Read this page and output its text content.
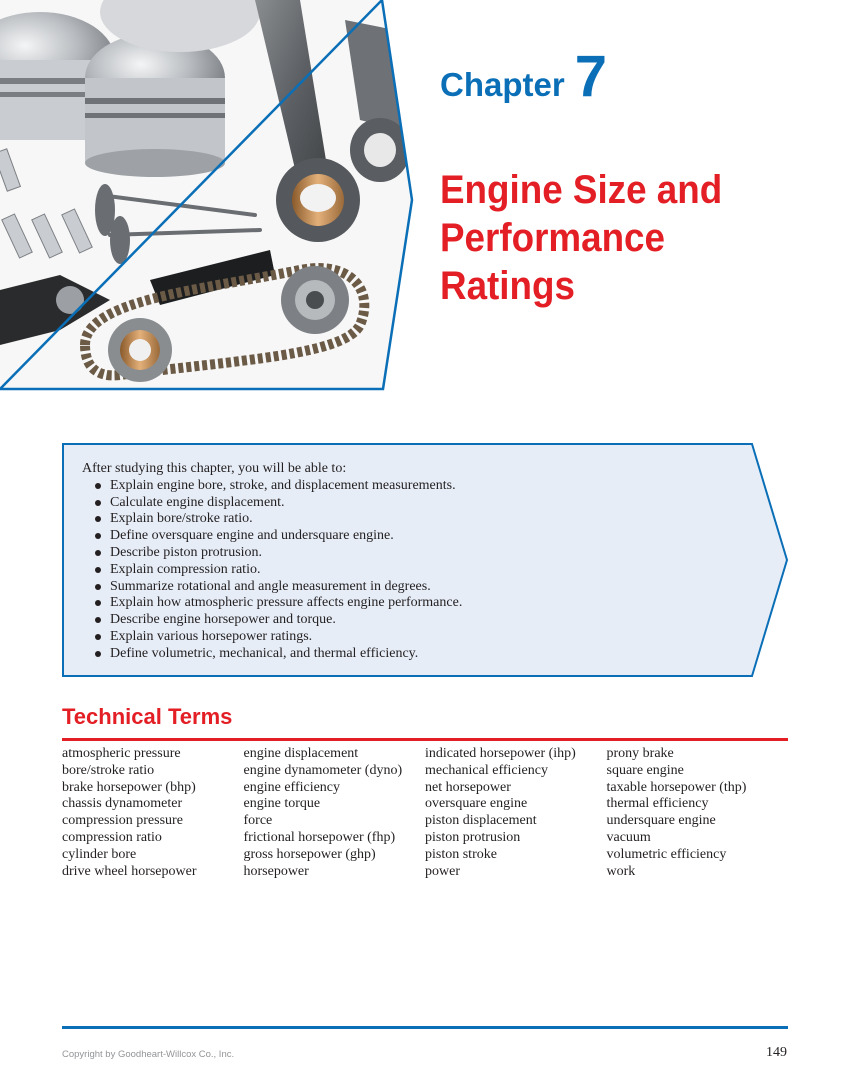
Chapter 7
Engine Size and
Performance
Ratings

After studying this chapter, you will be able to:

Explain engine bore, stroke, and displacement measurements.
Calculate engine displacement.
Explain bore/stroke ratio.
Define oversquare engine and undersquare engine.
Describe piston protrusion.
Explain compression ratio.
Summarize rotational and angle measurement in degrees.
Explain how atmospheric pressure affects engine performance.
Describe engine horsepower and torque.
Explain various horsepower ratings.
Define volumetric, mechanical, and thermal efficiency.
Technical Terms
atmospheric pressure
bore/stroke ratio
brake horsepower (bhp)
chassis dynamometer
compression pressure
compression ratio
cylinder bore
drive wheel horsepower
engine displacement
engine dynamometer (dyno)
engine efficiency
engine torque
force
frictional horsepower (fhp)
gross horsepower (ghp)
horsepower
indicated horsepower (ihp)
mechanical efficiency
net horsepower
oversquare engine
piston displacement
piston protrusion
piston stroke
power
prony brake
square engine
taxable horsepower (thp)
thermal efficiency
undersquare engine
vacuum
volumetric efficiency
work
Copyright by Goodheart-Willcox Co., Inc.	149
